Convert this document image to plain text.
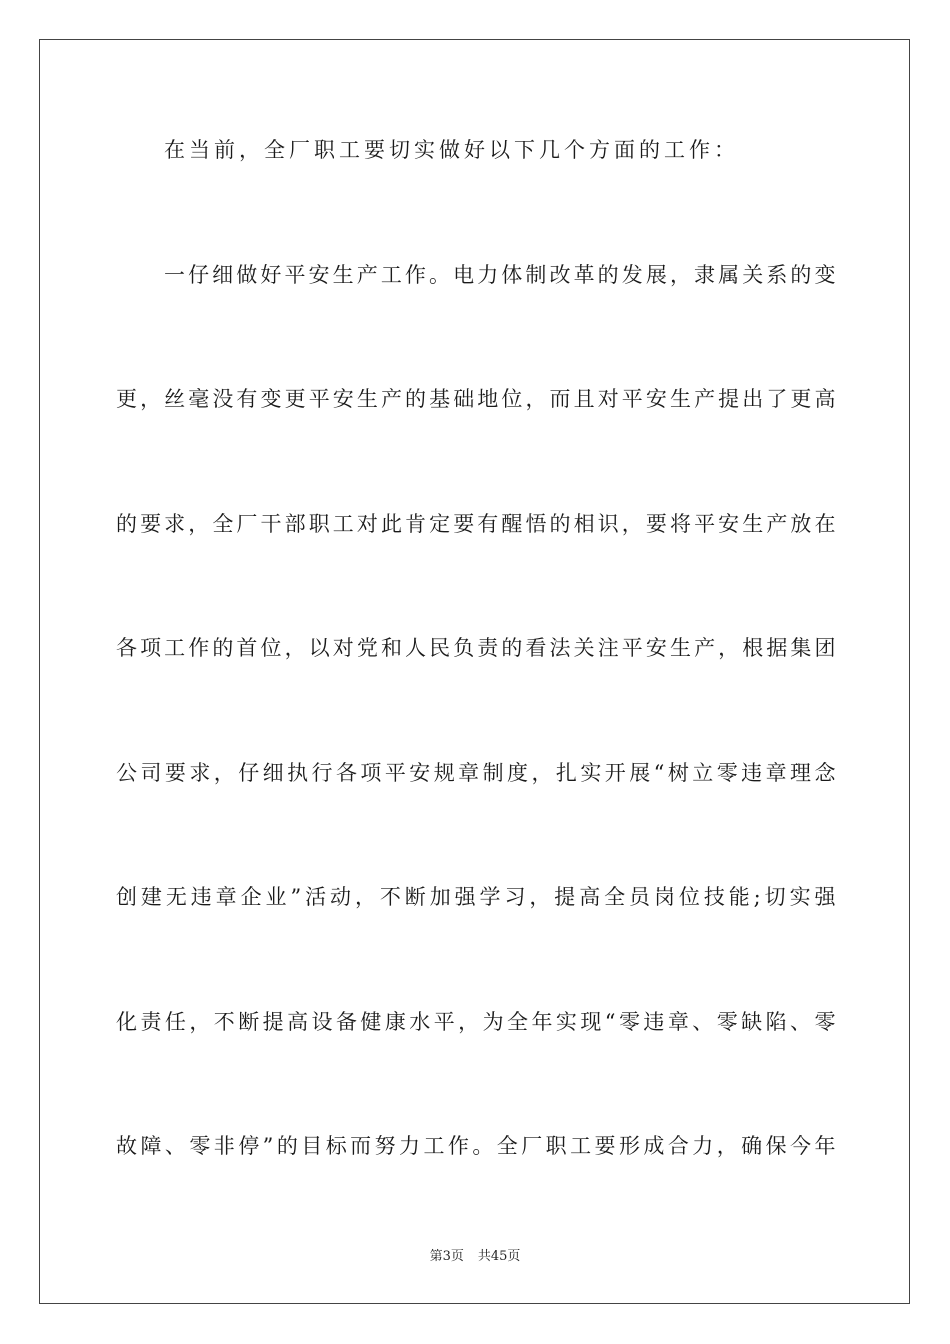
在当前，全厂职工要切实做好以下几个方面的工作：
一仔细做好平安生产工作。电力体制改革的发展，隶属关系的变
更，丝毫没有变更平安生产的基础地位，而且对平安生产提出了更高
的要求，全厂干部职工对此肯定要有醒悟的相识，要将平安生产放在
各项工作的首位，以对党和人民负责的看法关注平安生产，根据集团
公司要求，仔细执行各项平安规章制度，扎实开展“树立零违章理念
创建无违章企业”活动，不断加强学习，提高全员岗位技能;切实强
化责任，不断提高设备健康水平，为全年实现“零违章、零缺陷、零
故障、零非停”的目标而努力工作。全厂职工要形成合力，确保今年
第3页 共45页
